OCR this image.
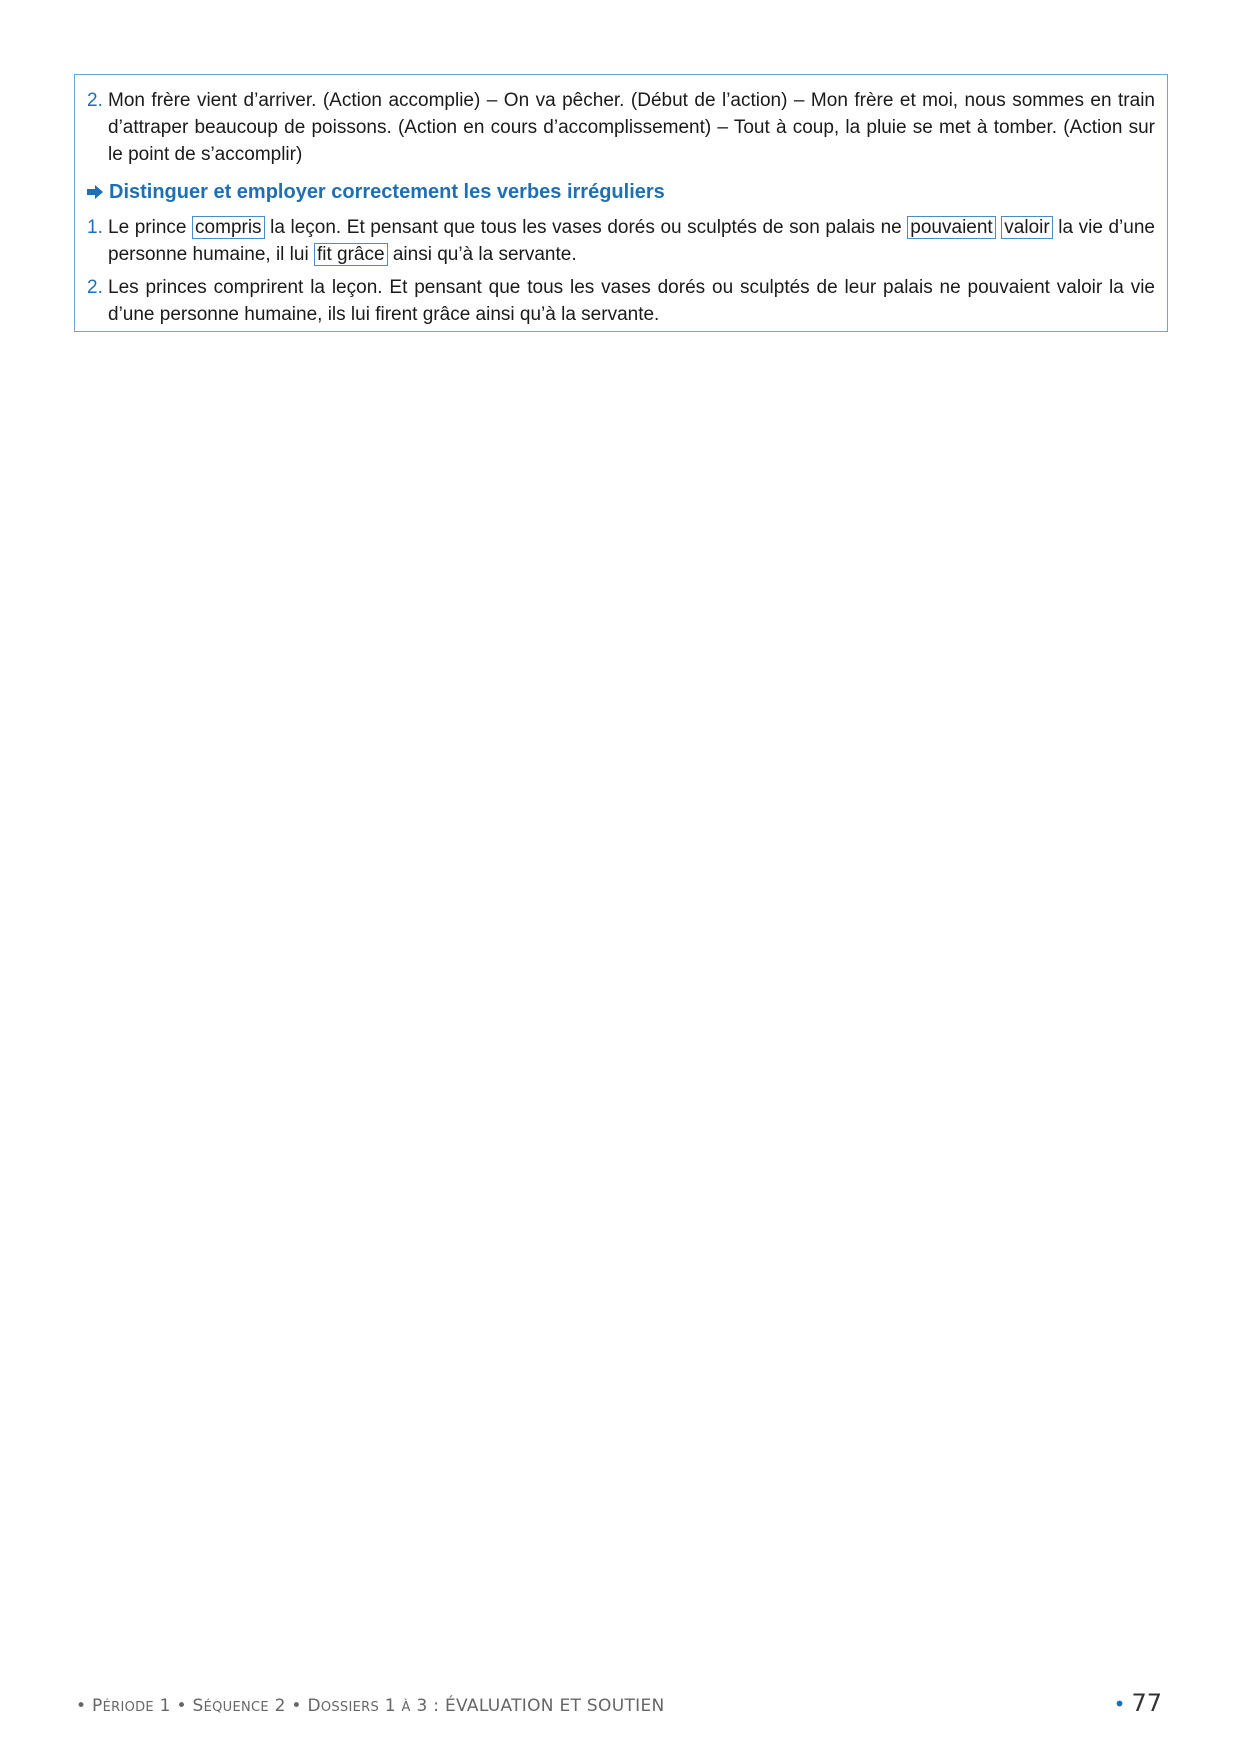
2. Mon frère vient d’arriver. (Action accomplie) – On va pêcher. (Début de l’action) – Mon frère et moi, nous sommes en train d’attraper beaucoup de poissons. (Action en cours d’accomplissement) – Tout à coup, la pluie se met à tomber. (Action sur le point de s’accomplir)
Distinguer et employer correctement les verbes irréguliers
1. Le prince compris la leçon. Et pensant que tous les vases dorés ou sculptés de son palais ne pouvaient valoir la vie d’une personne humaine, il lui fit grâce ainsi qu’à la servante.
2. Les princes comprirent la leçon. Et pensant que tous les vases dorés ou sculptés de leur palais ne pouvaient valoir la vie d’une personne humaine, ils lui firent grâce ainsi qu’à la servante.
• PÉRIODE 1 • SÉQUENCE 2 • DOSSIERS 1 À 3 : ÉVALUATION ET SOUTIEN	• 77
